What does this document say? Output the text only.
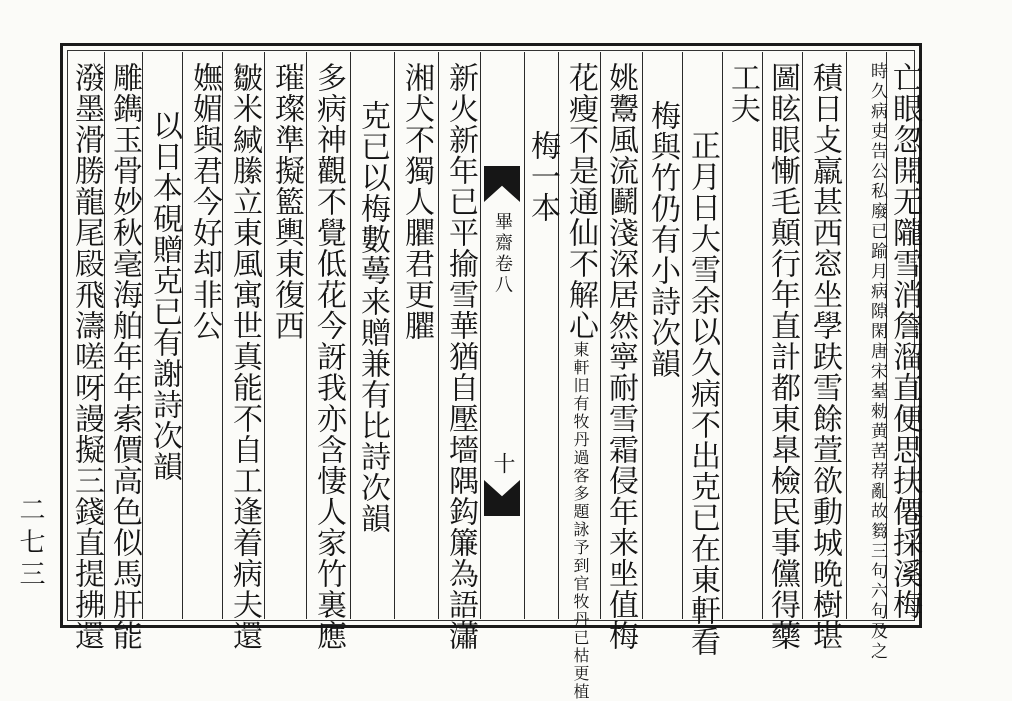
亡眼忽開无隴雪消詹溜直便思扶僊採溪梅
時久病吏告公私廢已踰月病隙閑唐宋䑓勑黄䒷荐亂故篘三句六句及之
積日攴羸甚西窓坐學趺雪餘萱欲動城晩樹堪
圖眩眼慚毛顛行年直計都東臯檢民事儻得藥
工夫
正月日大雪余以久病不出克已在東軒看
梅與竹仍有小詩次韻
姚䰞風流鬬淺深居然寧耐雪霜侵年来㘴值梅
花瘦不是通仙不解心東軒旧有牧丹過客多題詠予到官牧丹已枯更植
梅一本
畢齋卷八
十
新火新年已平揄雪華猶自壓墻隅鈎簾為語瀟
湘犬不獨人臞君更臞
克已以梅數蕚来贈兼有比詩次韻
多病神觀不覺低花今訝我亦含悽人家竹裏應
璀璨準擬籃輿東復西
皺米緘縢立東風寓世真能不自工逢着病夫還
嫵媚與君今好却非公
以日本硯贈克已有謝詩次韻
雕鐫玉骨妙秋毫海舶年年索價高色似馬肝能
潑墨滑勝龍尾㲀飛濤嗟呀謾擬三錢直提拂還
二七三
